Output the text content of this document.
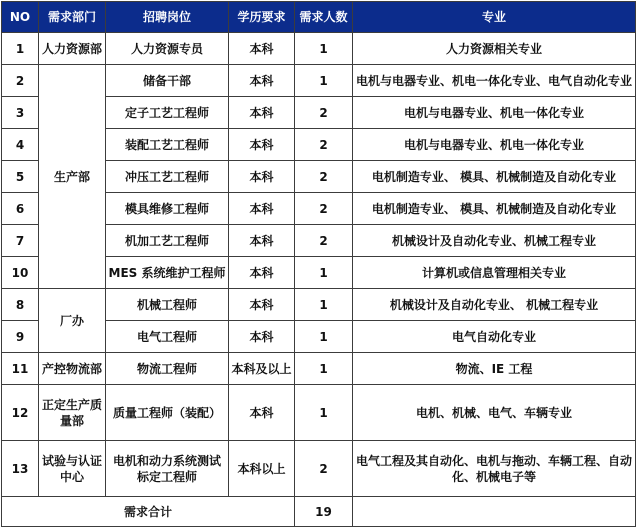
NO	需求部门	招聘岗位	学历要求	需求人数	专业
1	人力资源部	人力资源专员	本科	1	人力资源相关专业
2	生产部	储备干部	本科	1	电机与电器专业、机电一体化专业、电气自动化专业
3		定子工艺工程师	本科	2	电机与电器专业、机电一体化专业
4		装配工艺工程师	本科	2	电机与电器专业、机电一体化专业
5		冲压工艺工程师	本科	2	电机制造专业、 模具、机械制造及自动化专业
6		模具维修工程师	本科	2	电机制造专业、 模具、机械制造及自动化专业
7		机加工艺工程师	本科	2	机械设计及自动化专业、机械工程专业
10		MES 系统维护工程师	本科	1	计算机或信息管理相关专业
8	厂办	机械工程师	本科	1	机械设计及自动化专业、 机械工程专业
9		电气工程师	本科	1	电气自动化专业
11	产控物流部	物流工程师	本科及以上	1	物流、IE 工程
12	正定生产质量部	质量工程师（装配）	本科	1	电机、机械、电气、车辆专业
13	试验与认证中心	电机和动力系统测试标定工程师	本科以上	2	电气工程及其自动化、电机与拖动、车辆工程、自动化、机械电子等
需求合计				19	
